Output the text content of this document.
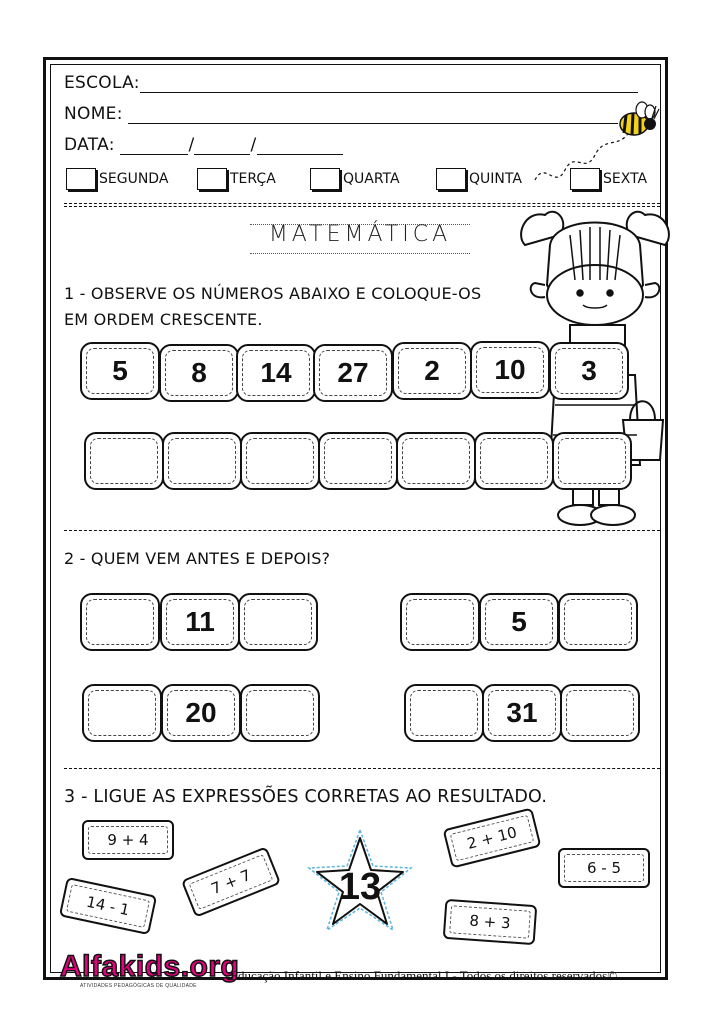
ESCOLA:
NOME:
DATA:	/	/
SEGUNDA	TERÇA	QUARTA	QUINTA	SEXTA
MATEMÁTICA
1 - OBSERVE OS NÚMEROS ABAIXO E COLOQUE-OS
EM ORDEM CRESCENTE.
5 8 14 27 2 10 3
2 - QUEM VEM ANTES E DEPOIS?
11	5
20	31
3 - LIGUE AS EXPRESSÕES CORRETAS AO RESULTADO.
9 + 4
14 - 1
7 + 7
2 + 10
6 - 5
8 + 3
13
Alfakids.org
ATIVIDADES PEDAGÓGICAS DE QUALIDADE
Educação Infantil e Ensino Fundamental I - Todos os direitos reservados©
